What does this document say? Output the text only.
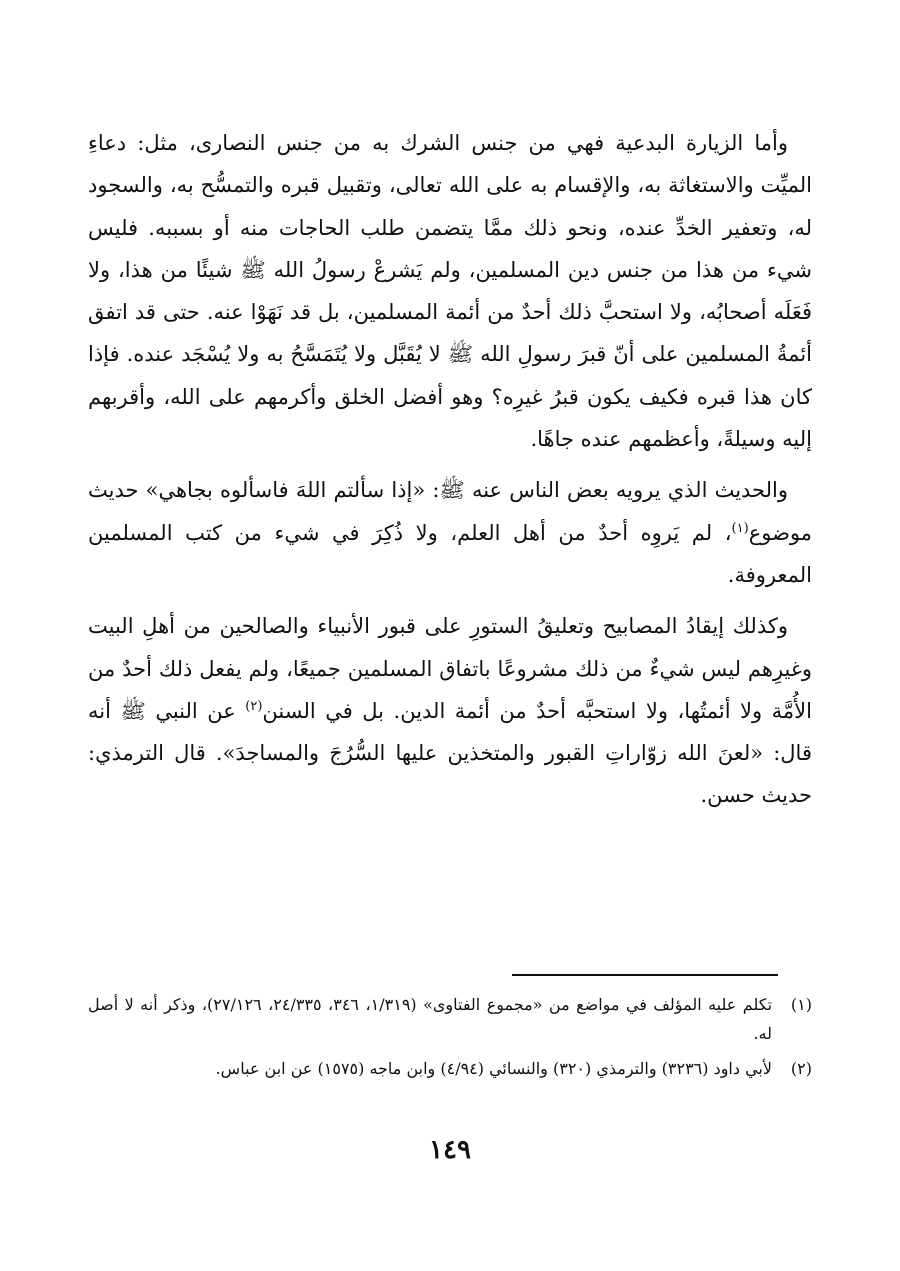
وأما الزيارة البدعية فهي من جنس الشرك به من جنس النصارى، مثل: دعاءِ الميِّت والاستغاثة به، والإقسام به على الله تعالى، وتقبيل قبره والتمسُّح به، والسجود له، وتعفير الخدِّ عنده، ونحو ذلك ممَّا يتضمن طلب الحاجات منه أو بسببه. فليس شيء من هذا من جنس دين المسلمين، ولم يَشرعْ رسولُ الله ﷺ شيئًا من هذا، ولا فَعَلَه أصحابُه، ولا استحبَّ ذلك أحدٌ من أئمة المسلمين، بل قد نَهَوْا عنه. حتى قد اتفق أئمةُ المسلمين على أنّ قبرَ رسولِ الله ﷺ لا يُقَبَّل ولا يُتَمَسَّحُ به ولا يُسْجَد عنده. فإذا كان هذا قبره فكيف يكون قبرُ غيرِه؟ وهو أفضل الخلق وأكرمهم على الله، وأقربهم إليه وسيلةً، وأعظمهم عنده جاهًا.

والحديث الذي يرويه بعض الناس عنه ﷺ: «إذا سألتم اللهَ فاسألوه بجاهي» حديث موضوع$^{(١)}$، لم يَروِه أحدٌ من أهل العلم، ولا ذُكِرَ في شيء من كتب المسلمين المعروفة.

وكذلك إيقادُ المصابيح وتعليقُ الستورِ على قبور الأنبياء والصالحين من أهلِ البيت وغيرِهم ليس شيءٌ من ذلك مشروعًا باتفاق المسلمين جميعًا، ولم يفعل ذلك أحدٌ من الأُمَّة ولا أئمتُها، ولا استحبَّه أحدٌ من أئمة الدين. بل في السنن$^{(٢)}$ عن النبي ﷺ أنه قال: «لعنَ الله زوّاراتِ القبور والمتخذين عليها السُّرُجَ والمساجدَ». قال الترمذي: حديث حسن.

(١)
تكلم عليه المؤلف في مواضع من «مجموع الفتاوى» (١/٣١٩، ٣٤٦، ٢٤/٣٣٥، ٢٧/١٢٦)، وذكر أنه لا أصل له.
(٢)
لأبي داود (٣٢٣٦) والترمذي (٣٢٠) والنسائي (٤/٩٤) وابن ماجه (١٥٧٥) عن ابن عباس.
١٤٩
